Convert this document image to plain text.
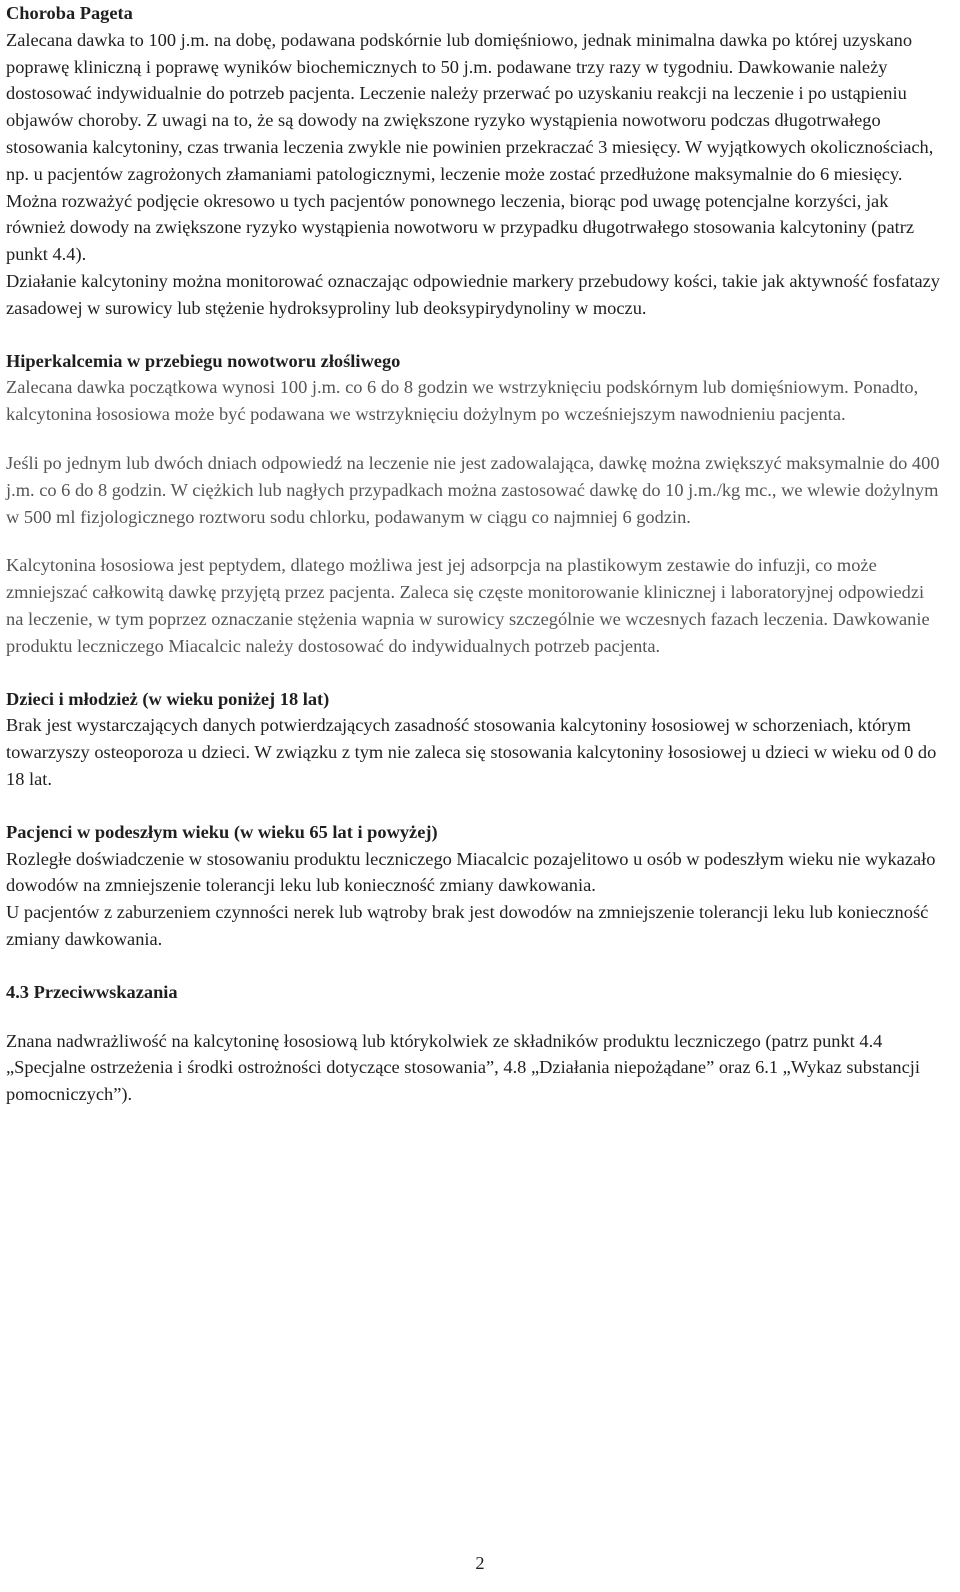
Choroba Pageta

Zalecana dawka to 100 j.m. na dobę, podawana podskórnie lub domięśniowo, jednak minimalna dawka po której uzyskano poprawę kliniczną i poprawę wyników biochemicznych to 50 j.m. podawane trzy razy w tygodniu. Dawkowanie należy dostosować indywidualnie do potrzeb pacjenta. Leczenie należy przerwać po uzyskaniu reakcji na leczenie i po ustąpieniu objawów choroby. Z uwagi na to, że są dowody na zwiększone ryzyko wystąpienia nowotworu podczas długotrwałego stosowania kalcytoniny, czas trwania leczenia zwykle nie powinien przekraczać 3 miesięcy. W wyjątkowych okolicznościach, np. u pacjentów zagrożonych złamaniami patologicznymi, leczenie może zostać przedłużone maksymalnie do 6 miesięcy.

Można rozważyć podjęcie okresowo u tych pacjentów ponownego leczenia, biorąc pod uwagę potencjalne korzyści, jak również dowody na zwiększone ryzyko wystąpienia nowotworu w przypadku długotrwałego stosowania kalcytoniny (patrz punkt 4.4).

Działanie kalcytoniny można monitorować oznaczając odpowiednie markery przebudowy kości, takie jak aktywność fosfatazy zasadowej w surowicy lub stężenie hydroksyproliny lub deoksypirydynoliny w moczu.

Hiperkalcemia w przebiegu nowotworu złośliwego

Zalecana dawka początkowa wynosi 100 j.m. co 6 do 8 godzin we wstrzyknięciu podskórnym lub domięśniowym. Ponadto, kalcytonina łososiowa może być podawana we wstrzyknięciu dożylnym po wcześniejszym nawodnieniu pacjenta.

Jeśli po jednym lub dwóch dniach odpowiedź na leczenie nie jest zadowalająca, dawkę można zwiększyć maksymalnie do 400 j.m. co 6 do 8 godzin. W ciężkich lub nagłych przypadkach można zastosować dawkę do 10 j.m./kg mc., we wlewie dożylnym w 500 ml fizjologicznego roztworu sodu chlorku, podawanym w ciągu co najmniej 6 godzin.

Kalcytonina łososiowa jest peptydem, dlatego możliwa jest jej adsorpcja na plastikowym zestawie do infuzji, co może zmniejszać całkowitą dawkę przyjętą przez pacjenta. Zaleca się częste monitorowanie klinicznej i laboratoryjnej odpowiedzi na leczenie, w tym poprzez oznaczanie stężenia wapnia w surowicy szczególnie we wczesnych fazach leczenia. Dawkowanie produktu leczniczego Miacalcic należy dostosować do indywidualnych potrzeb pacjenta.

Dzieci i młodzież (w wieku poniżej 18 lat)

Brak jest wystarczających danych potwierdzających zasadność stosowania kalcytoniny łososiowej w schorzeniach, którym towarzyszy osteoporoza u dzieci. W związku z tym nie zaleca się stosowania kalcytoniny łososiowej u dzieci w wieku od 0 do 18 lat.

Pacjenci w podeszłym wieku (w wieku 65 lat i powyżej)

Rozległe doświadczenie w stosowaniu produktu leczniczego Miacalcic pozajelitowo u osób w podeszłym wieku nie wykazało dowodów na zmniejszenie tolerancji leku lub konieczność zmiany dawkowania.

U pacjentów z zaburzeniem czynności nerek lub wątroby brak jest dowodów na zmniejszenie tolerancji leku lub konieczność zmiany dawkowania.

4.3 Przeciwwskazania

Znana nadwrażliwość na kalcytoninę łososiową lub którykolwiek ze składników produktu leczniczego (patrz punkt 4.4 „Specjalne ostrzeżenia i środki ostrożności dotyczące stosowania”, 4.8 „Działania niepożądane” oraz 6.1 „Wykaz substancji pomocniczych”).

2
